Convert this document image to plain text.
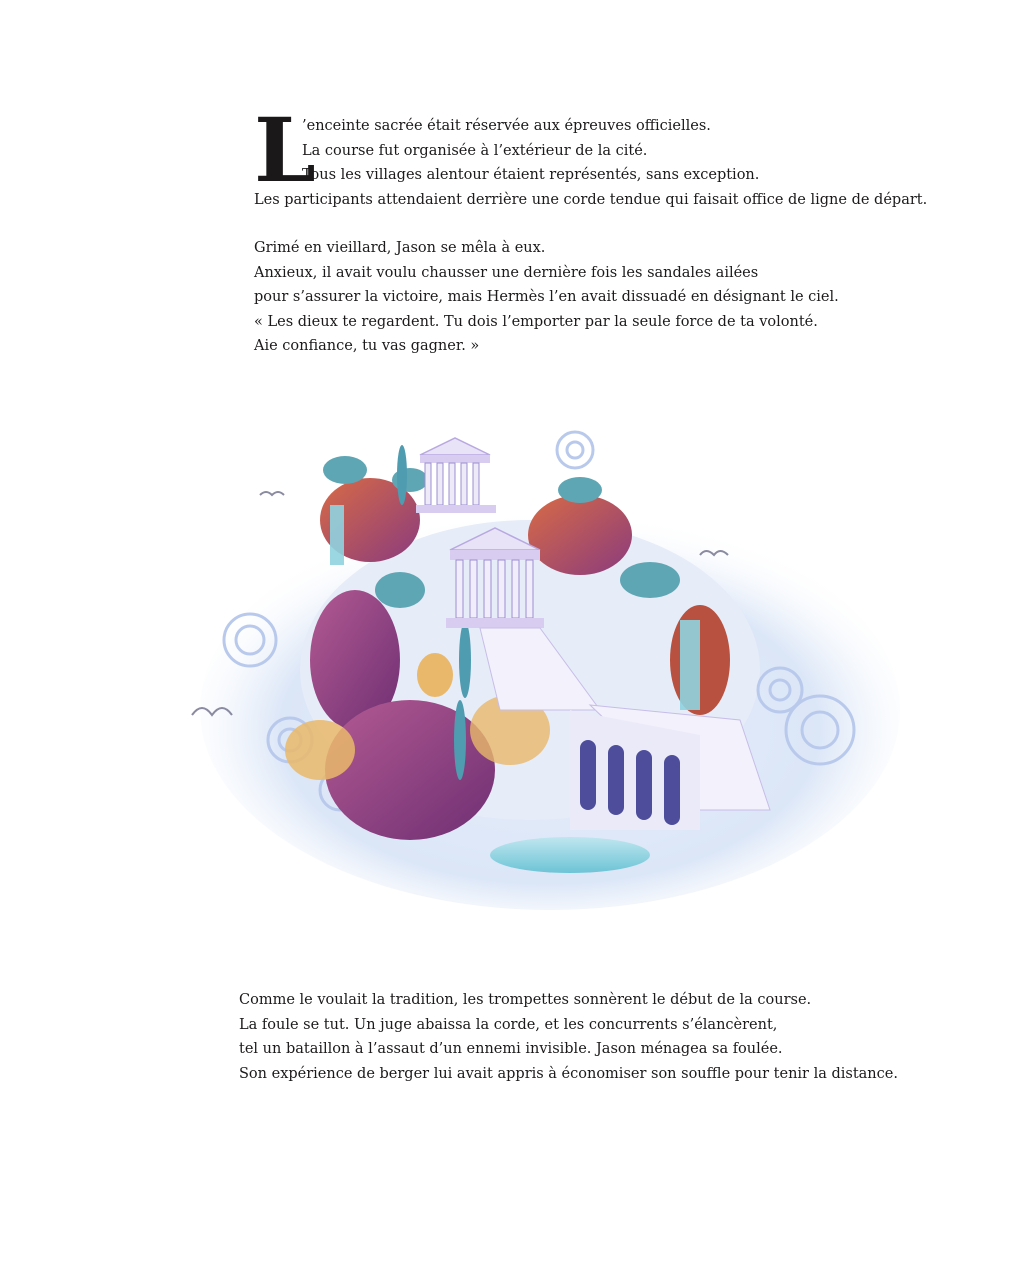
L
’enceinte sacrée était réservée aux épreuves officielles.
La course fut organisée à l’extérieur de la cité.
Tous les villages alentour étaient représentés, sans exception.
Les participants attendaient derrière une corde tendue qui faisait office de ligne de départ.
Grimé en vieillard, Jason se mêla à eux.
Anxieux, il avait voulu chausser une dernière fois les sandales ailées
pour s’assurer la victoire, mais Hermès l’en avait dissuadé en désignant le ciel.
« Les dieux te regardent. Tu dois l’emporter par la seule force de ta volonté.
Aie confiance, tu vas gagner. »
Comme le voulait la tradition, les trompettes sonnèrent le début de la course.
La foule se tut. Un juge abaissa la corde, et les concurrents s’élancèrent,
tel un bataillon à l’assaut d’un ennemi invisible. Jason ménagea sa foulée.
Son expérience de berger lui avait appris à économiser son souffle pour tenir la distance.
